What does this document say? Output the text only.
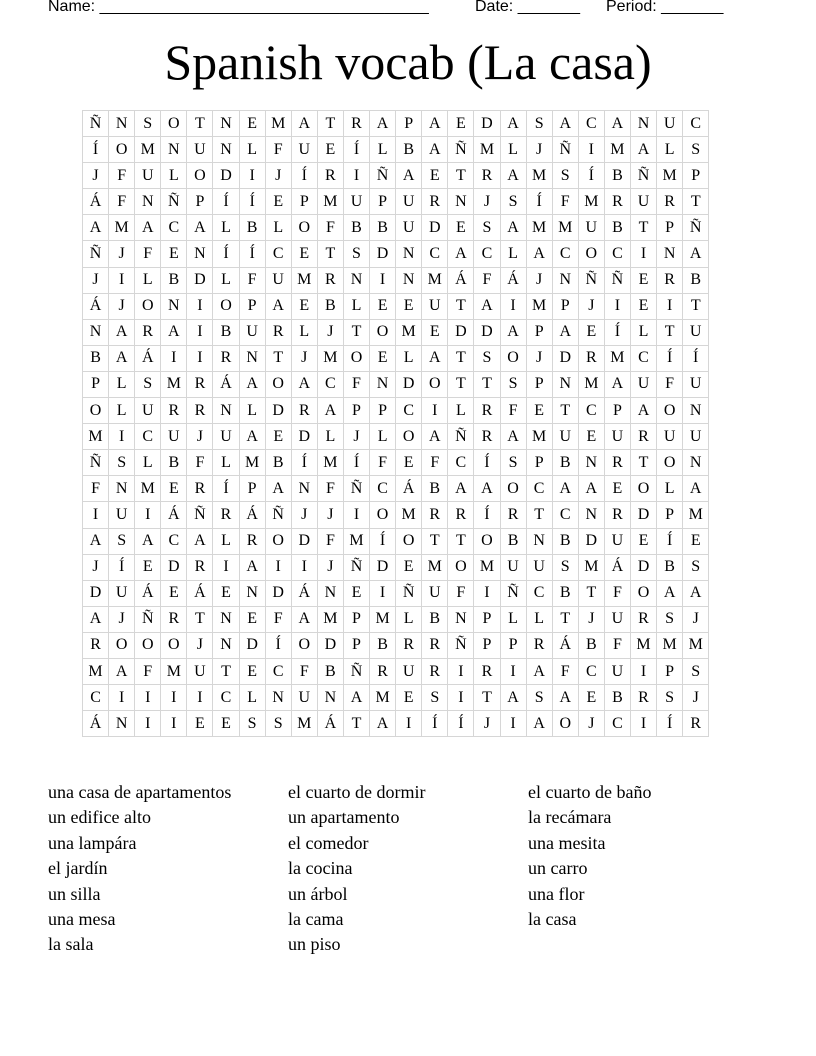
Name: _____________________________________	Date: _______ Period: _______
Spanish vocab (La casa)
Ñ	N	S	O	T	N	E	M	A	T	R	A	P	A	E	D	A	S	A	C	A	N	U	C
Í	O	M	N	U	N	L	F	U	E	Í	L	B	A	Ñ	M	L	J	Ñ	I	M	A	L	S
J	F	U	L	O	D	I	J	Í	R	I	Ñ	A	E	T	R	A	M	S	Í	B	Ñ	M	P
Á	F	N	Ñ	P	Í	Í	E	P	M	U	P	U	R	N	J	S	Í	F	M	R	U	R	T
A	M	A	C	A	L	B	L	O	F	B	B	U	D	E	S	A	M	M	U	B	T	P	Ñ
Ñ	J	F	E	N	Í	Í	C	E	T	S	D	N	C	A	C	L	A	C	O	C	I	N	A
J	I	L	B	D	L	F	U	M	R	N	I	N	M	Á	F	Á	J	N	Ñ	Ñ	E	R	B
Á	J	O	N	I	O	P	A	E	B	L	E	E	U	T	A	I	M	P	J	I	E	I	T
N	A	R	A	I	B	U	R	L	J	T	O	M	E	D	D	A	P	A	E	Í	L	T	U
B	A	Á	I	I	R	N	T	J	M	O	E	L	A	T	S	O	J	D	R	M	C	Í	Í
P	L	S	M	R	Á	A	O	A	C	F	N	D	O	T	T	S	P	N	M	A	U	F	U
O	L	U	R	R	N	L	D	R	A	P	P	C	I	L	R	F	E	T	C	P	A	O	N
M	I	C	U	J	U	A	E	D	L	J	L	O	A	Ñ	R	A	M	U	E	U	R	U	U
Ñ	S	L	B	F	L	M	B	Í	M	Í	F	E	F	C	Í	S	P	B	N	R	T	O	N
F	N	M	E	R	Í	P	A	N	F	Ñ	C	Á	B	A	A	O	C	A	A	E	O	L	A
I	U	I	Á	Ñ	R	Á	Ñ	J	J	I	O	M	R	R	Í	R	T	C	N	R	D	P	M
A	S	A	C	A	L	R	O	D	F	M	Í	O	T	T	O	B	N	B	D	U	E	Í	E
J	Í	E	D	R	I	A	I	I	J	Ñ	D	E	M	O	M	U	U	S	M	Á	D	B	S
D	U	Á	E	Á	E	N	D	Á	N	E	I	Ñ	U	F	I	Ñ	C	B	T	F	O	A	A
A	J	Ñ	R	T	N	E	F	A	M	P	M	L	B	N	P	L	L	T	J	U	R	S	J
R	O	O	O	J	N	D	Í	O	D	P	B	R	R	Ñ	P	P	R	Á	B	F	M	M	M
M	A	F	M	U	T	E	C	F	B	Ñ	R	U	R	I	R	I	A	F	C	U	I	P	S
C	I	I	I	I	C	L	N	U	N	A	M	E	S	I	T	A	S	A	E	B	R	S	J
Á	N	I	I	E	E	S	S	M	Á	T	A	I	Í	Í	J	I	A	O	J	C	I	Í	R
una casa de apartamentos
un edifice alto
una lampára
el jardín
un silla
una mesa
la sala
el cuarto de dormir
un apartamento
el comedor
la cocina
un árbol
la cama
un piso
el cuarto de baño
la recámara
una mesita
un carro
una flor
la casa
